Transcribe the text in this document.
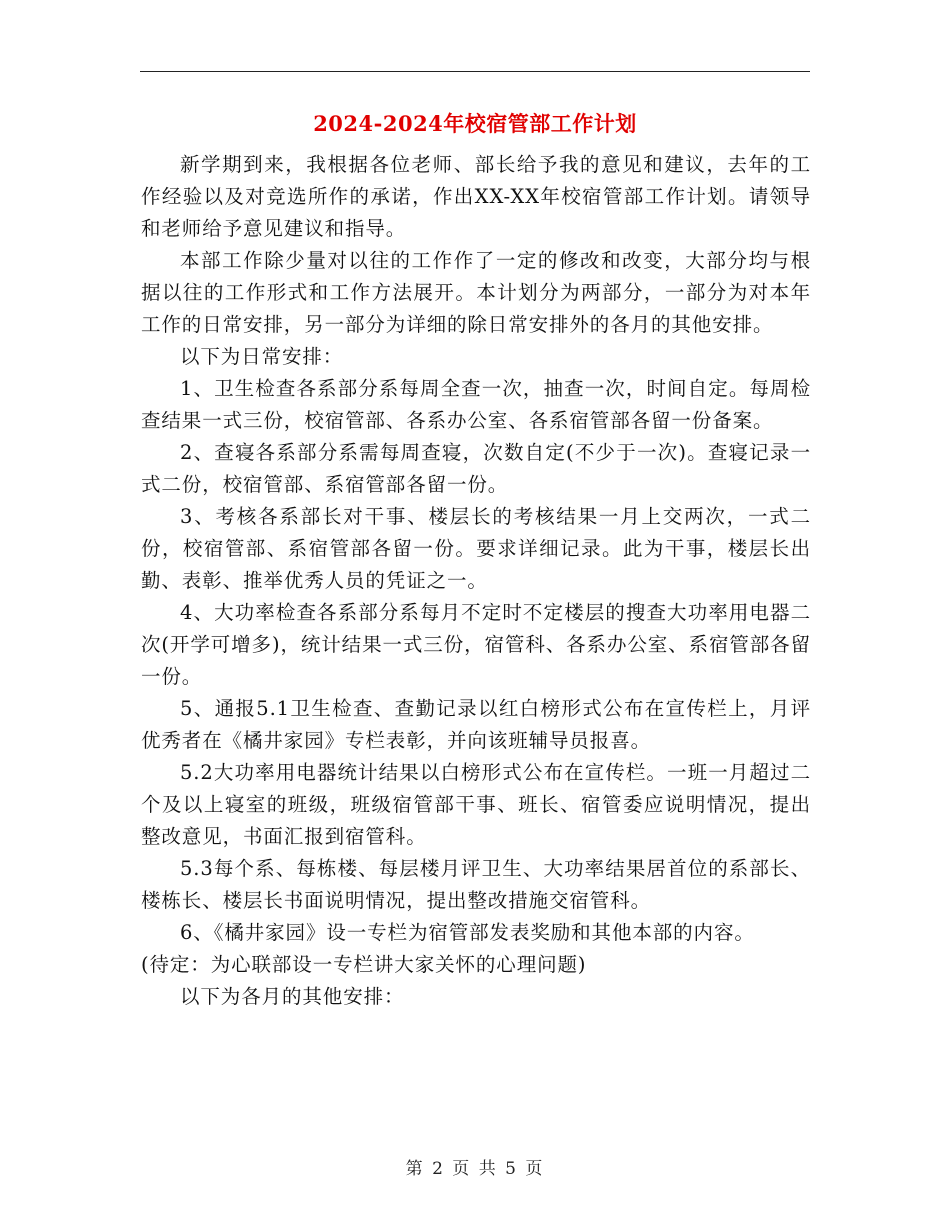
2024-2024年校宿管部工作计划

新学期到来，我根据各位老师、部长给予我的意见和建议，去年的工作经验以及对竞选所作的承诺，作出XX-XX年校宿管部工作计划。请领导和老师给予意见建议和指导。

本部工作除少量对以往的工作作了一定的修改和改变，大部分均与根据以往的工作形式和工作方法展开。本计划分为两部分，一部分为对本年工作的日常安排，另一部分为详细的除日常安排外的各月的其他安排。

以下为日常安排：

1、卫生检查各系部分系每周全查一次，抽查一次，时间自定。每周检查结果一式三份，校宿管部、各系办公室、各系宿管部各留一份备案。

2、查寝各系部分系需每周查寝，次数自定(不少于一次)。查寝记录一式二份，校宿管部、系宿管部各留一份。

3、考核各系部长对干事、楼层长的考核结果一月上交两次，一式二份，校宿管部、系宿管部各留一份。要求详细记录。此为干事，楼层长出勤、表彰、推举优秀人员的凭证之一。

4、大功率检查各系部分系每月不定时不定楼层的搜查大功率用电器二次(开学可增多)，统计结果一式三份，宿管科、各系办公室、系宿管部各留一份。

5、通报5.1卫生检查、查勤记录以红白榜形式公布在宣传栏上，月评优秀者在《橘井家园》专栏表彰，并向该班辅导员报喜。

5.2大功率用电器统计结果以白榜形式公布在宣传栏。一班一月超过二个及以上寝室的班级，班级宿管部干事、班长、宿管委应说明情况，提出整改意见，书面汇报到宿管科。

5.3每个系、每栋楼、每层楼月评卫生、大功率结果居首位的系部长、楼栋长、楼层长书面说明情况，提出整改措施交宿管科。

6、《橘井家园》设一专栏为宿管部发表奖励和其他本部的内容。

(待定：为心联部设一专栏讲大家关怀的心理问题)

以下为各月的其他安排：

第 2 页 共 5 页
